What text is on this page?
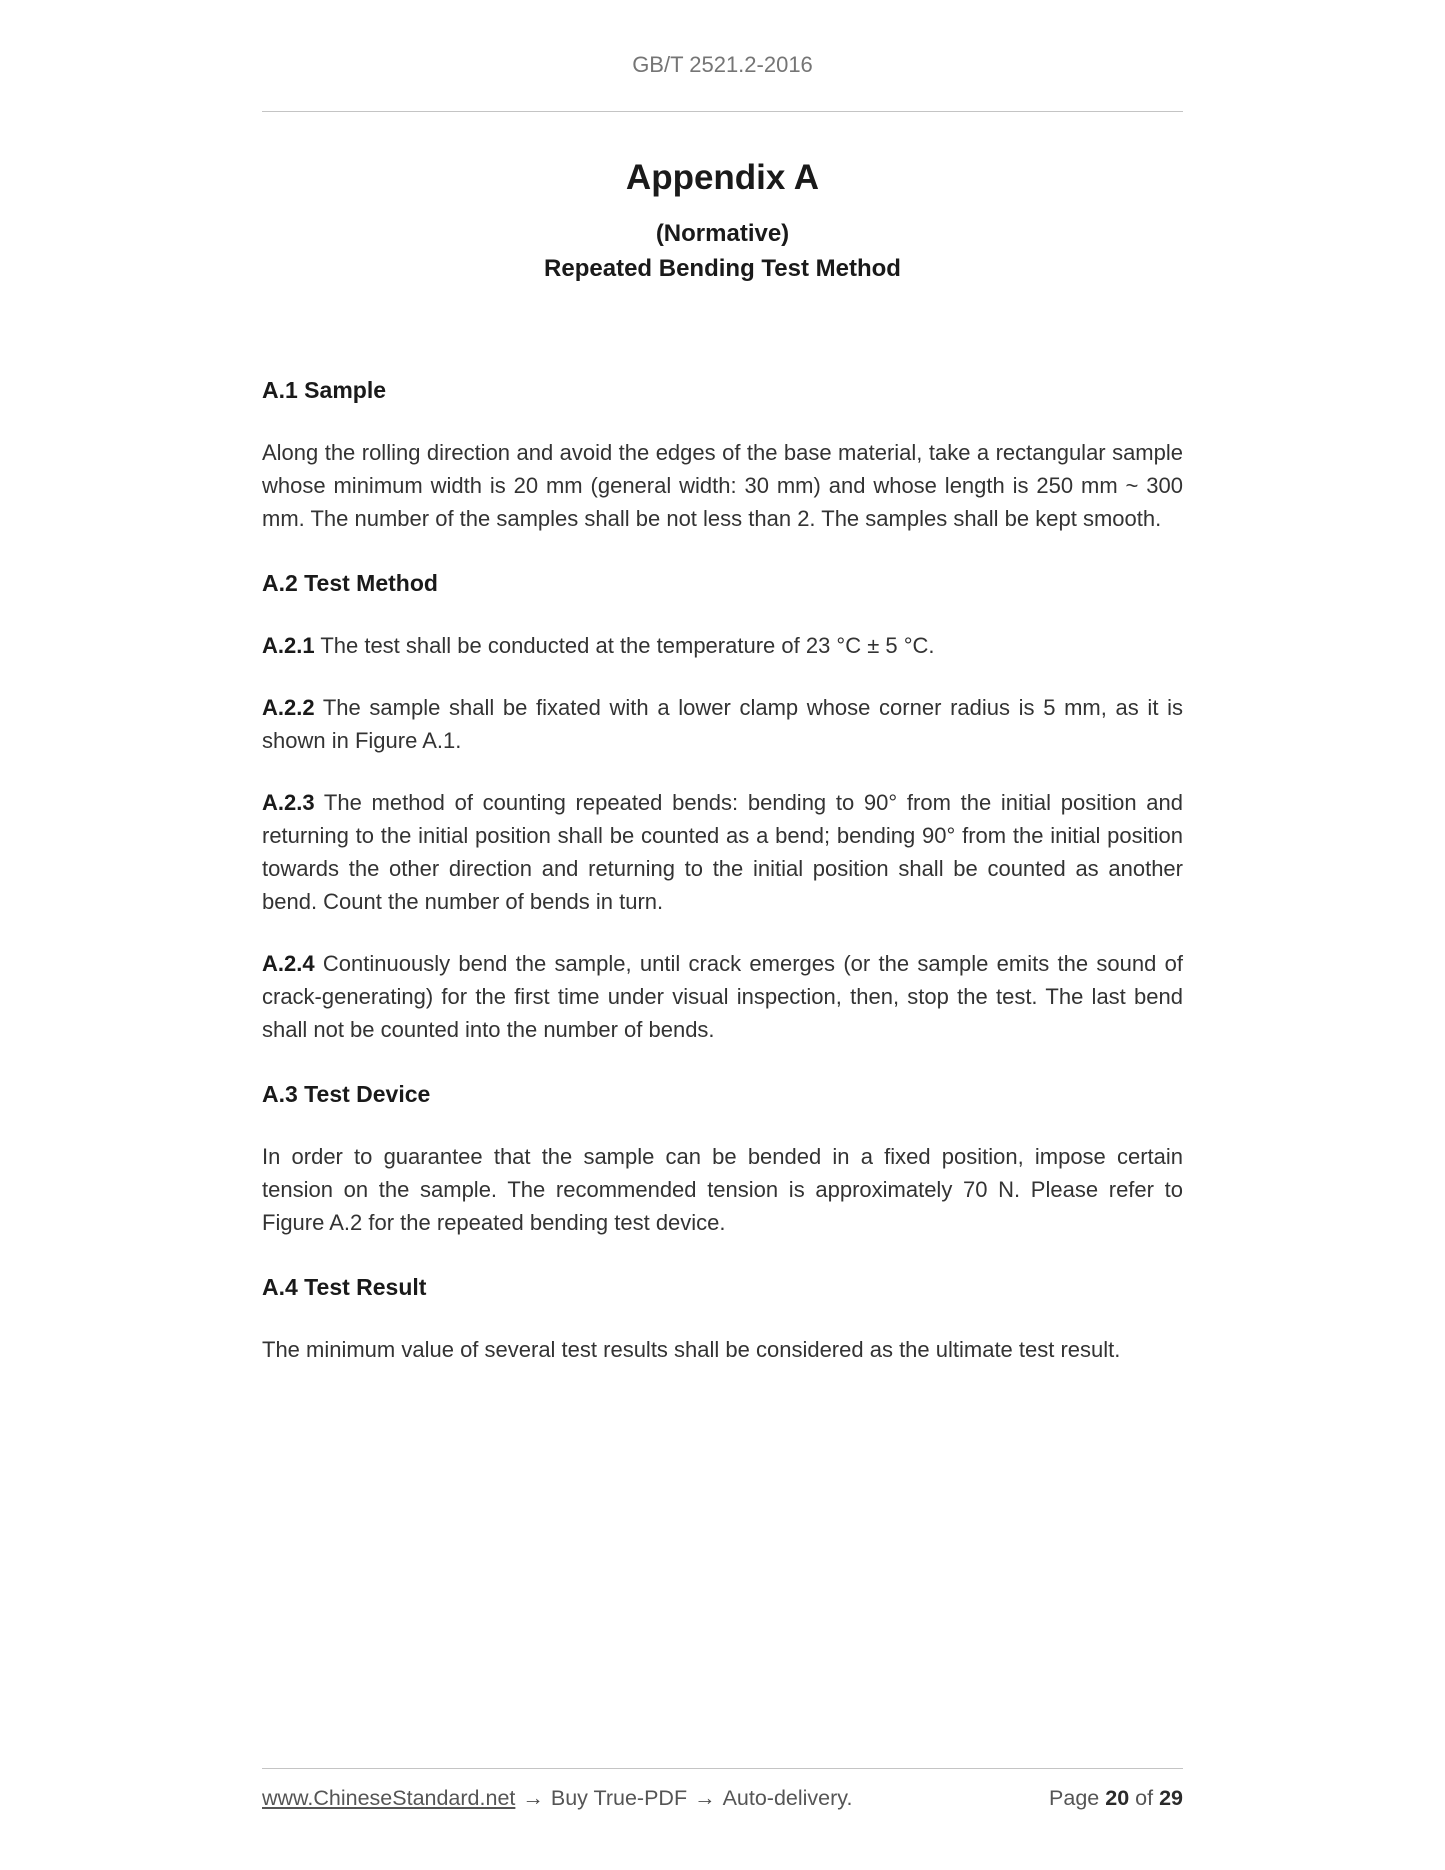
GB/T 2521.2-2016
Appendix A
(Normative)
Repeated Bending Test Method
A.1 Sample

Along the rolling direction and avoid the edges of the base material, take a rectangular sample whose minimum width is 20 mm (general width: 30 mm) and whose length is 250 mm ~ 300 mm. The number of the samples shall be not less than 2. The samples shall be kept smooth.

A.2 Test Method

A.2.1 The test shall be conducted at the temperature of 23 °C ± 5 °C.

A.2.2 The sample shall be fixated with a lower clamp whose corner radius is 5 mm, as it is shown in Figure A.1.

A.2.3 The method of counting repeated bends: bending to 90° from the initial position and returning to the initial position shall be counted as a bend; bending 90° from the initial position towards the other direction and returning to the initial position shall be counted as another bend. Count the number of bends in turn.

A.2.4 Continuously bend the sample, until crack emerges (or the sample emits the sound of crack-generating) for the first time under visual inspection, then, stop the test. The last bend shall not be counted into the number of bends.

A.3 Test Device

In order to guarantee that the sample can be bended in a fixed position, impose certain tension on the sample. The recommended tension is approximately 70 N. Please refer to Figure A.2 for the repeated bending test device.

A.4 Test Result

The minimum value of several test results shall be considered as the ultimate test result.

www.ChineseStandard.net → Buy True-PDF → Auto-delivery.	Page 20 of 29
